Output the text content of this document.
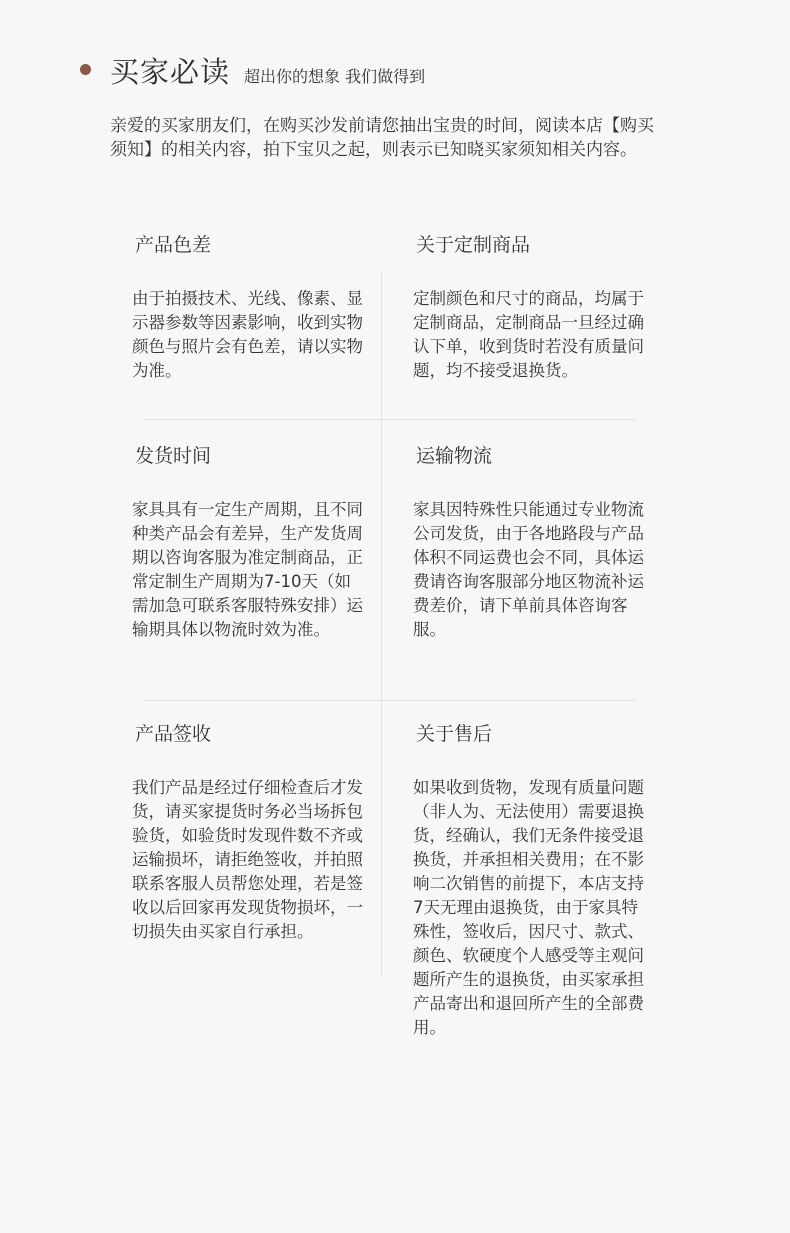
买家必读 超出你的想象 我们做得到
亲爱的买家朋友们，在购买沙发前请您抽出宝贵的时间，阅读本店【购买须知】的相关内容，拍下宝贝之起，则表示已知晓买家须知相关内容。
产品色差
由于拍摄技术、光线、像素、显示器参数等因素影响，收到实物颜色与照片会有色差，请以实物为准。
关于定制商品
定制颜色和尺寸的商品，均属于定制商品，定制商品一旦经过确认下单，收到货时若没有质量问题，均不接受退换货。
发货时间
家具具有一定生产周期，且不同种类产品会有差异，生产发货周期以咨询客服为准定制商品，正常定制生产周期为7-10天（如需加急可联系客服特殊安排）运输期具体以物流时效为准。
运输物流
家具因特殊性只能通过专业物流公司发货，由于各地路段与产品体积不同运费也会不同，具体运费请咨询客服部分地区物流补运费差价，请下单前具体咨询客服。
产品签收
我们产品是经过仔细检查后才发货，请买家提货时务必当场拆包验货，如验货时发现件数不齐或运输损坏，请拒绝签收，并拍照联系客服人员帮您处理，若是签收以后回家再发现货物损坏，一切损失由买家自行承担。
关于售后
如果收到货物，发现有质量问题（非人为、无法使用）需要退换货，经确认，我们无条件接受退换货，并承担相关费用；在不影响二次销售的前提下，本店支持7天无理由退换货，由于家具特殊性，签收后，因尺寸、款式、颜色、软硬度个人感受等主观问题所产生的退换货，由买家承担产品寄出和退回所产生的全部费用。
